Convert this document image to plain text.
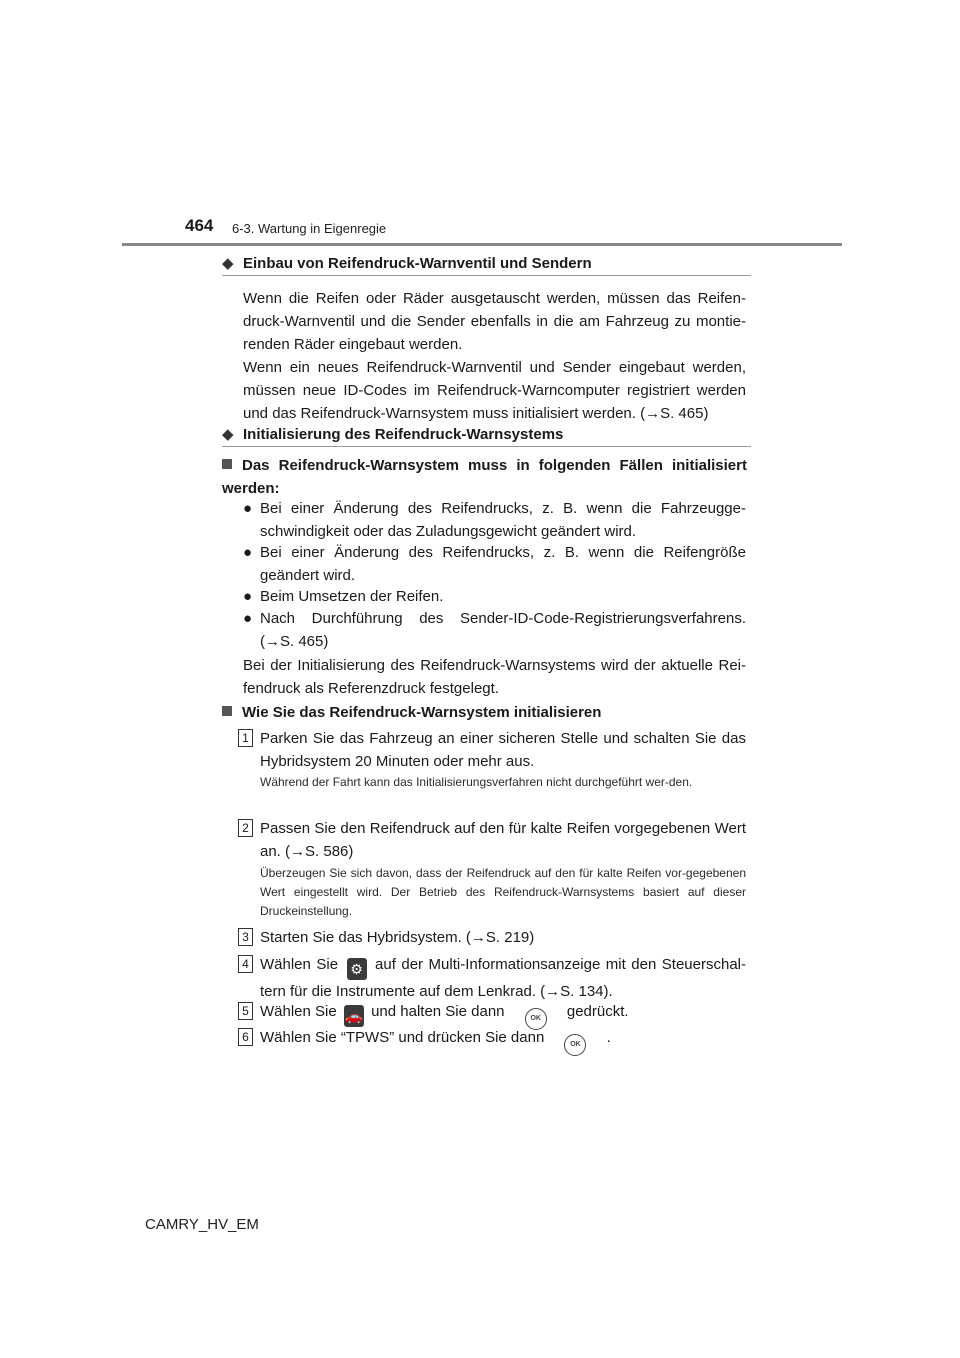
464 6-3. Wartung in Eigenregie
◆ Einbau von Reifendruck-Warnventil und Sendern
Wenn die Reifen oder Räder ausgetauscht werden, müssen das Reifen-druck-Warnventil und die Sender ebenfalls in die am Fahrzeug zu montie-renden Räder eingebaut werden.
Wenn ein neues Reifendruck-Warnventil und Sender eingebaut werden, müssen neue ID-Codes im Reifendruck-Warncomputer registriert werden und das Reifendruck-Warnsystem muss initialisiert werden. (→S. 465)
◆ Initialisierung des Reifendruck-Warnsystems
Das Reifendruck-Warnsystem muss in folgenden Fällen initialisiert werden:
● Bei einer Änderung des Reifendrucks, z. B. wenn die Fahrzeugge-schwindigkeit oder das Zuladungsgewicht geändert wird.
● Bei einer Änderung des Reifendrucks, z. B. wenn die Reifengröße geändert wird.
● Beim Umsetzen der Reifen.
● Nach Durchführung des Sender-ID-Code-Registrierungsverfahrens. (→S. 465)
Bei der Initialisierung des Reifendruck-Warnsystems wird der aktuelle Rei-fendruck als Referenzdruck festgelegt.
Wie Sie das Reifendruck-Warnsystem initialisieren
1 Parken Sie das Fahrzeug an einer sicheren Stelle und schalten Sie das Hybridsystem 20 Minuten oder mehr aus.
Während der Fahrt kann das Initialisierungsverfahren nicht durchgeführt wer-den.
2 Passen Sie den Reifendruck auf den für kalte Reifen vorgegebenen Wert an. (→S. 586)
Überzeugen Sie sich davon, dass der Reifendruck auf den für kalte Reifen vor-gegebenen Wert eingestellt wird. Der Betrieb des Reifendruck-Warnsystems basiert auf dieser Druckeinstellung.
3 Starten Sie das Hybridsystem. (→S. 219)
4 Wählen Sie ⚙ auf der Multi-Informationsanzeige mit den Steuerschal-tern für die Instrumente auf dem Lenkrad. (→S. 134).
5 Wählen Sie 🚗 und halten Sie dann	OK gedrückt.
6 Wählen Sie “TPWS” und drücken Sie dann	OK .
CAMRY_HV_EM
